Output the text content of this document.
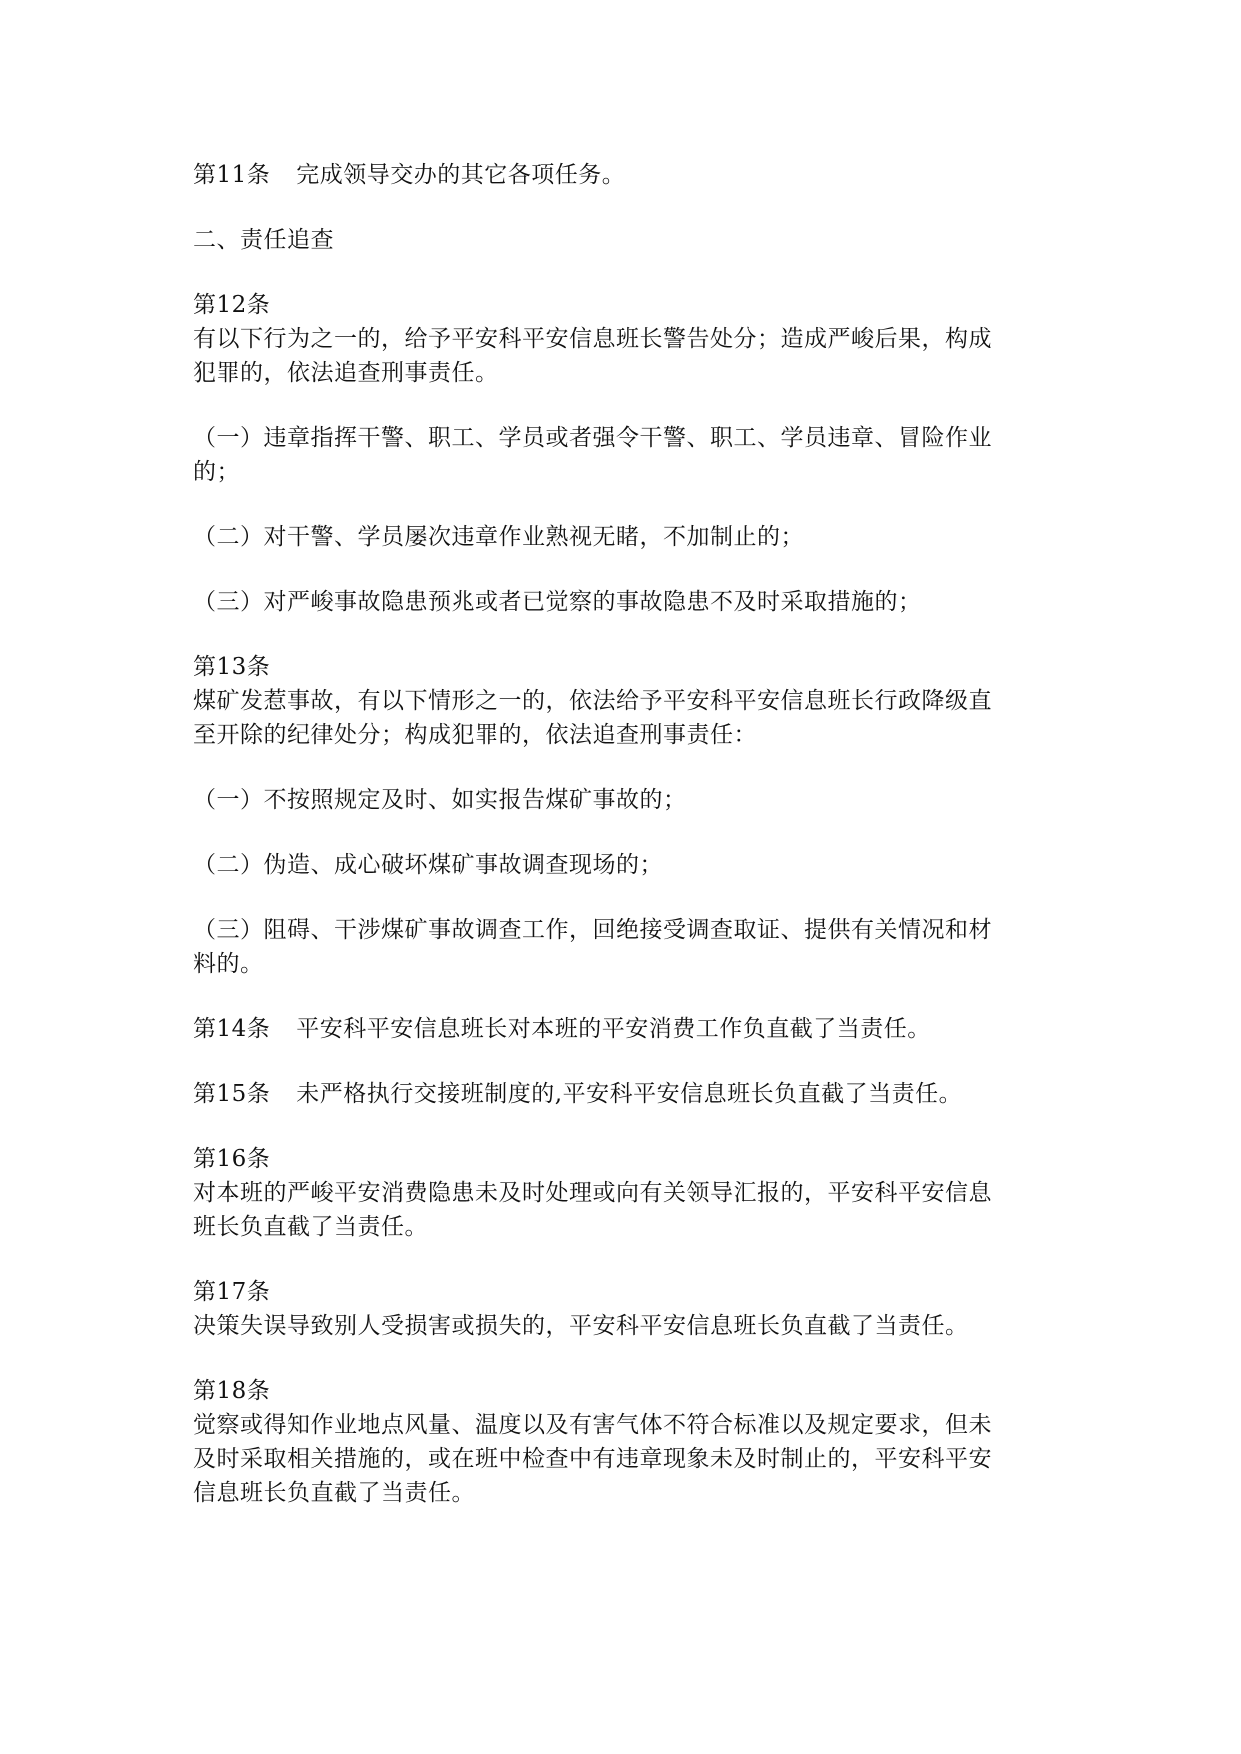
第11条 完成领导交办的其它各项任务。

二、责任追查

第12条

有以下行为之一的，给予平安科平安信息班长警告处分；造成严峻后果，构成

犯罪的，依法追查刑事责任。

（一）违章指挥干警、职工、学员或者强令干警、职工、学员违章、冒险作业

的；

（二）对干警、学员屡次违章作业熟视无睹，不加制止的；

（三）对严峻事故隐患预兆或者已觉察的事故隐患不及时采取措施的；

第13条

煤矿发惹事故，有以下情形之一的，依法给予平安科平安信息班长行政降级直

至开除的纪律处分；构成犯罪的，依法追查刑事责任：

（一）不按照规定及时、如实报告煤矿事故的；

（二）伪造、成心破坏煤矿事故调查现场的；

（三）阻碍、干涉煤矿事故调查工作，回绝接受调查取证、提供有关情况和材

料的。

第14条 平安科平安信息班长对本班的平安消费工作负直截了当责任。

第15条 未严格执行交接班制度的,平安科平安信息班长负直截了当责任。

第16条

对本班的严峻平安消费隐患未及时处理或向有关领导汇报的，平安科平安信息

班长负直截了当责任。

第17条

决策失误导致别人受损害或损失的，平安科平安信息班长负直截了当责任。

第18条

觉察或得知作业地点风量、温度以及有害气体不符合标准以及规定要求，但未

及时采取相关措施的，或在班中检查中有违章现象未及时制止的，平安科平安

信息班长负直截了当责任。
